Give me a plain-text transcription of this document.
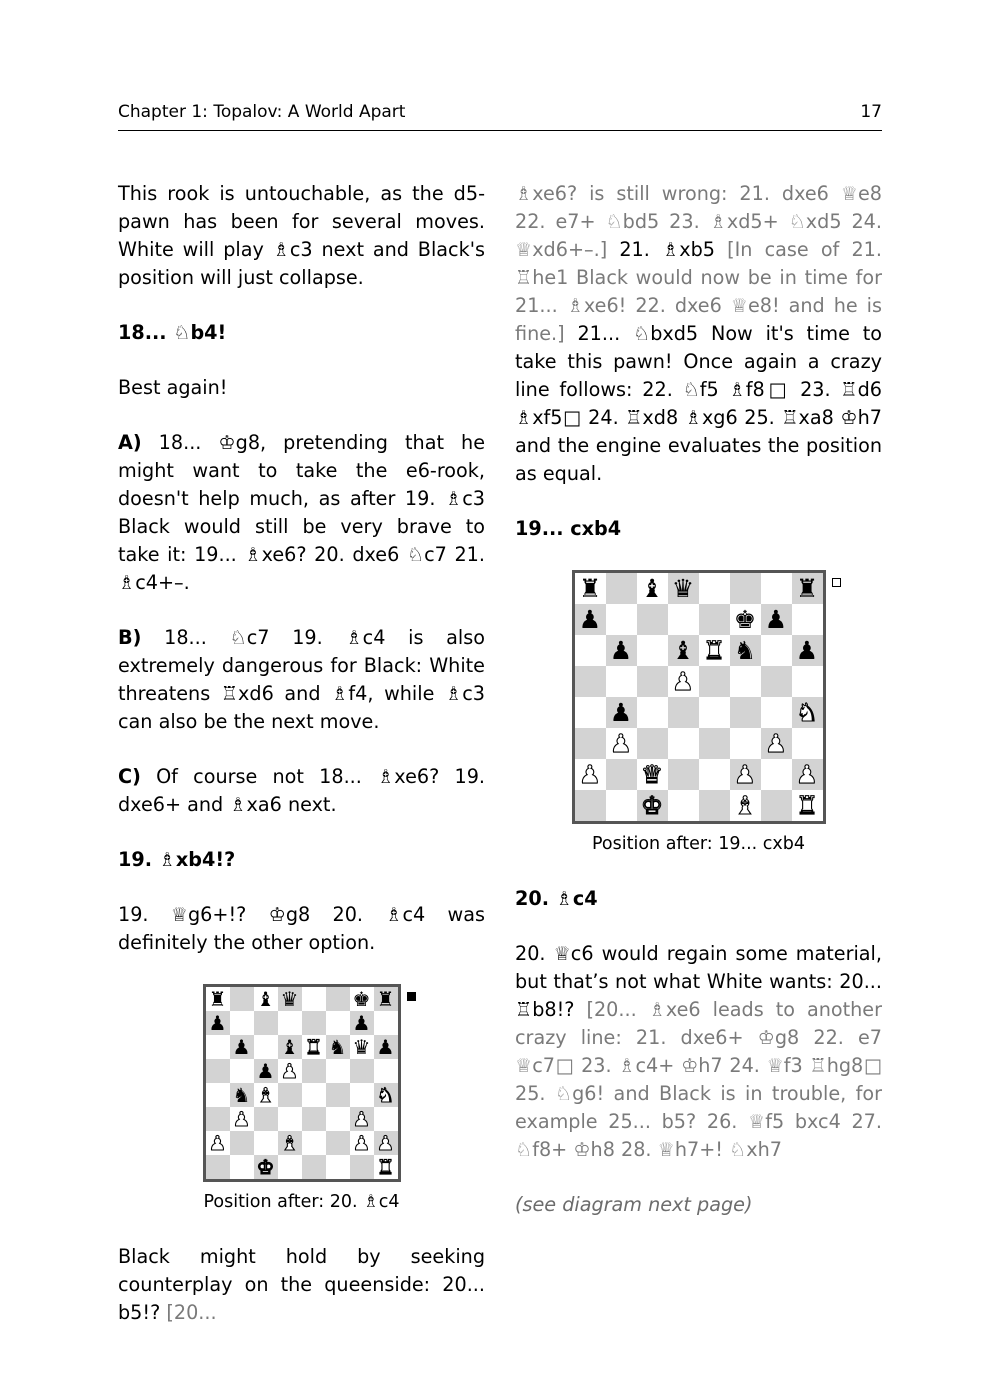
Chapter 1: Topalov: A World Apart	17

This rook is untouchable, as the d5-pawn has been for several moves. White will play ♗c3 next and Black's position will just collapse.

18... ♘b4!

Best again!

A) 18... ♔g8, pretending that he might want to take the e6-rook, doesn't help much, as after 19. ♗c3 Black would still be very brave to take it: 19... ♗xe6? 20. dxe6 ♘c7 21. ♗c4+–.

B) 18... ♘c7 19. ♗c4 is also extremely dangerous for Black: White threatens ♖xd6 and ♗f4, while ♗c3 can also be the next move.

C) Of course not 18... ♗xe6? 19. dxe6+ and ♗xa6 next.

19. ♗xb4!?

19. ♕g6+!? ♔g8 20. ♗c4 was definitely the other option.

♜ ♝ ♛	♚ ♜
♟	♟
♟ ♝ ♜ ♞ ♛ ♟
♟ ♟
♞ ♝	♞
♟	♟
♟	♝	♟ ♟
♚	♜
Position after: 20. ♗c4

Black might hold by seeking counterplay on the queenside: 20... b5!? [20...

♗xe6? is still wrong: 21. dxe6 ♕e8 22. e7+ ♘bd5 23. ♗xd5+ ♘xd5 24. ♕xd6+–.] 21. ♗xb5 [In case of 21. ♖he1 Black would now be in time for 21... ♗xe6! 22. dxe6 ♕e8! and he is fine.] 21... ♘bxd5 Now it's time to take this pawn! Once again a crazy line follows: 22. ♘f5 ♗f8□ 23. ♖d6 ♗xf5□ 24. ♖xd8 ♗xg6 25. ♖xa8 ♔h7 and the engine evaluates the position as equal.

19... cxb4

♜ ♝ ♛	♜
♟	♚ ♟
♟ ♝ ♜ ♞ ♟
♟
♟	♞
♟	♟
♟ ♛	♟ ♟
♚	♝ ♜
Position after: 19... cxb4

20. ♗c4

20. ♕c6 would regain some material, but that’s not what White wants: 20... ♖b8!? [20... ♗xe6 leads to another crazy line: 21. dxe6+ ♔g8 22. e7 ♕c7□ 23. ♗c4+ ♔h7 24. ♕f3 ♖hg8□ 25. ♘g6! and Black is in trouble, for example 25... b5? 26. ♕f5 bxc4 27. ♘f8+ ♔h8 28. ♕h7+! ♘xh7

(see diagram next page)
